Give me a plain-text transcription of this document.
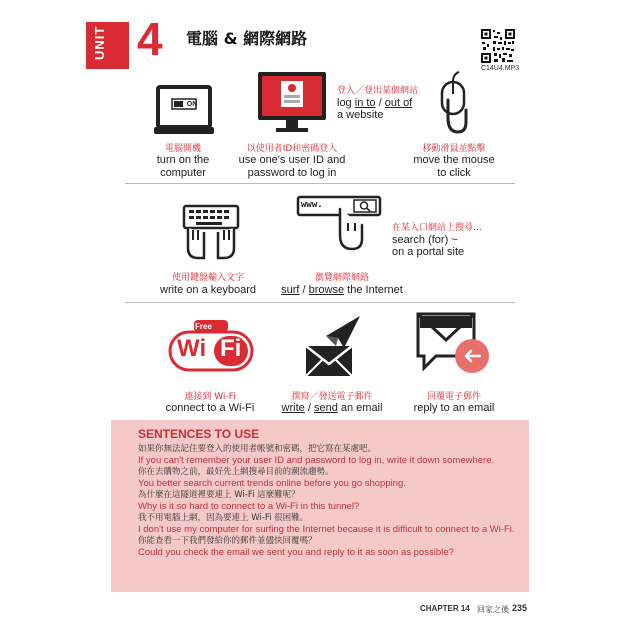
UNIT 4 電腦 & 網際網路
C14U4.MP3
ON
電腦開機
turn on the
computer
以使用者ID和密碼登入
use one's user ID and
password to log in
登入／登出某個網站
log in to / out of
a website
移動滑鼠並點擊
move the mouse
to click
www.
使用鍵盤輸入文字
write on a keyboard
瀏覽網際網路
surf / browse the Internet
在某入口網站上搜尋…
search (for) ~
on a portal site
Free
Wi Fi
連接到 Wi-Fi
connect to a Wi-Fi
撰寫／發送電子郵件
write / send an email
回覆電子郵件
reply to an email
SENTENCES TO USE
如果你無法記住要登入的使用者帳號和密碼，把它寫在某處吧。
If you can't remember your user ID and password to log in, write it down somewhere.
你在去購物之前，最好先上網搜尋目前的潮流趨勢。
You better search current trends online before you go shopping.
為什麼在這隧道裡要連上 Wi-Fi 這麼難呢？
Why is it so hard to connect to a Wi-Fi in this tunnel?
我不用電腦上網，因為要連上 Wi-Fi 很困難。
I don't use my computer for surfing the Internet because it is difficult to connect to a Wi-Fi.
你能查看一下我們發給你的郵件並儘快回覆嗎？
Could you check the email we sent you and reply to it as soon as possible?
CHAPTER 14 回家之後 235
